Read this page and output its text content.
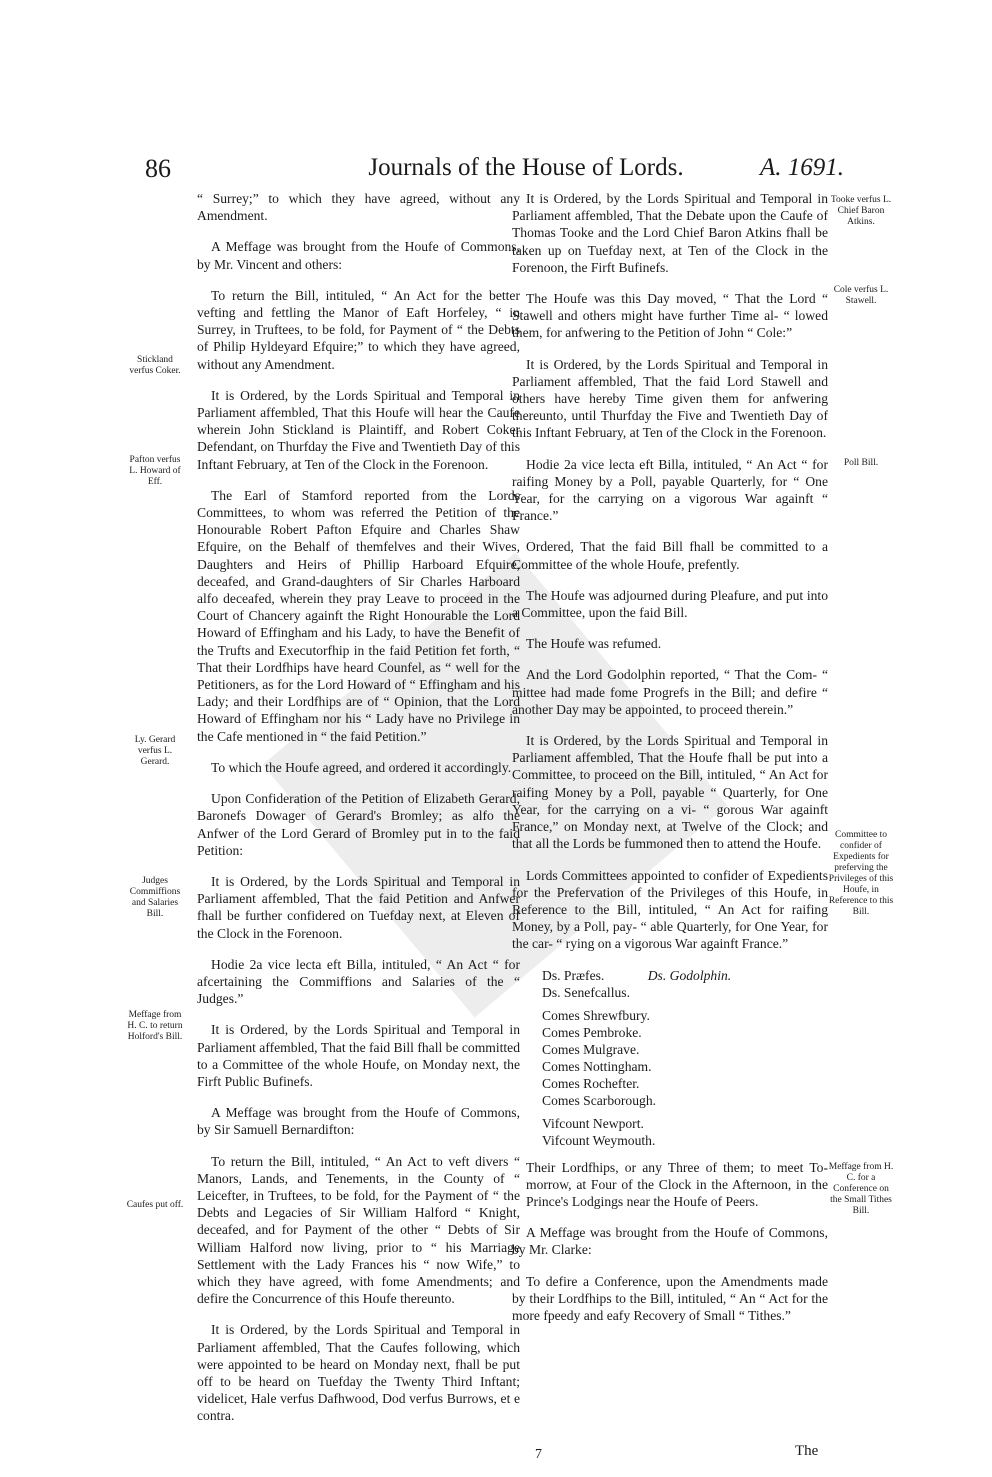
86	Journals of the House of Lords.	A. 1691.

“ Surrey;” to which they have agreed, without any Amendment.

A Meffage was brought from the Houfe of Commons, by Mr. Vincent and others:

To return the Bill, intituled, “ An Act for the better vefting and fettling the Manor of Eaft Horfeley, “ in Surrey, in Truftees, to be fold, for Payment of “ the Debts of Philip Hyldeyard Efquire;” to which they have agreed, without any Amendment.

It is Ordered, by the Lords Spiritual and Temporal in Parliament affembled, That this Houfe will hear the Caufe wherein John Stickland is Plaintiff, and Robert Coker Defendant, on Thurfday the Five and Twentieth Day of this Inftant February, at Ten of the Clock in the Forenoon.

The Earl of Stamford reported from the Lords Committees, to whom was referred the Petition of the Honourable Robert Pafton Efquire and Charles Shaw Efquire, on the Behalf of themfelves and their Wives, Daughters and Heirs of Phillip Harboard Efquire, deceafed, and Grand-daughters of Sir Charles Harboard alfo deceafed, wherein they pray Leave to proceed in the Court of Chancery againft the Right Honourable the Lord Howard of Effingham and his Lady, to have the Benefit of the Trufts and Executorfhip in the faid Petition fet forth, “ That their Lordfhips have heard Counfel, as “ well for the Petitioners, as for the Lord Howard of “ Effingham and his Lady; and their Lordfhips are of “ Opinion, that the Lord Howard of Effingham nor his “ Lady have no Privilege in the Cafe mentioned in “ the faid Petition.”

To which the Houfe agreed, and ordered it accordingly.

Upon Confideration of the Petition of Elizabeth Gerard, Baronefs Dowager of Gerard's Bromley; as alfo the Anfwer of the Lord Gerard of Bromley put in to the faid Petition:

It is Ordered, by the Lords Spiritual and Temporal in Parliament affembled, That the faid Petition and Anfwer fhall be further confidered on Tuefday next, at Eleven of the Clock in the Forenoon.

Hodie 2a vice lecta eft Billa, intituled, “ An Act “ for afcertaining the Commiffions and Salaries of the “ Judges.”

It is Ordered, by the Lords Spiritual and Temporal in Parliament affembled, That the faid Bill fhall be committed to a Committee of the whole Houfe, on Monday next, the Firft Public Bufinefs.

A Meffage was brought from the Houfe of Commons, by Sir Samuell Bernardifton:

To return the Bill, intituled, “ An Act to veft divers “ Manors, Lands, and Tenements, in the County of “ Leicefter, in Truftees, to be fold, for the Payment of “ the Debts and Legacies of Sir William Halford “ Knight, deceafed, and for Payment of the other “ Debts of Sir William Halford now living, prior to “ his Marriage Settlement with the Lady Frances his “ now Wife,” to which they have agreed, with fome Amendments; and defire the Concurrence of this Houfe thereunto.

It is Ordered, by the Lords Spiritual and Temporal in Parliament affembled, That the Caufes following, which were appointed to be heard on Monday next, fhall be put off to be heard on Tuefday the Twenty Third Inftant; videlicet, Hale verfus Dafhwood, Dod verfus Burrows, et e contra.

Stickland verfus Coker.
Pafton verfus L. Howard of Eff.
Ly. Gerard verfus L. Gerard.
Judges Commiffions and Salaries Bill.
Meffage from H. C. to return Holford's Bill.
Caufes put off.

It is Ordered, by the Lords Spiritual and Temporal in Parliament affembled, That the Debate upon the Caufe of Thomas Tooke and the Lord Chief Baron Atkins fhall be taken up on Tuefday next, at Ten of the Clock in the Forenoon, the Firft Bufinefs.

The Houfe was this Day moved, “ That the Lord “ Stawell and others might have further Time al- “ lowed them, for anfwering to the Petition of John “ Cole:”

It is Ordered, by the Lords Spiritual and Temporal in Parliament affembled, That the faid Lord Stawell and others have hereby Time given them for anfwering thereunto, until Thurfday the Five and Twentieth Day of this Inftant February, at Ten of the Clock in the Forenoon.

Hodie 2a vice lecta eft Billa, intituled, “ An Act “ for raifing Money by a Poll, payable Quarterly, for “ One Year, for the carrying on a vigorous War againft “ France.”

Ordered, That the faid Bill fhall be committed to a Committee of the whole Houfe, prefently.

The Houfe was adjourned during Pleafure, and put into a Committee, upon the faid Bill.

The Houfe was refumed.

And the Lord Godolphin reported, “ That the Com- “ mittee had made fome Progrefs in the Bill; and defire “ another Day may be appointed, to proceed therein.”

It is Ordered, by the Lords Spiritual and Temporal in Parliament affembled, That the Houfe fhall be put into a Committee, to proceed on the Bill, intituled, “ An Act for raifing Money by a Poll, payable “ Quarterly, for One Year, for the carrying on a vi- “ gorous War againft France,” on Monday next, at Twelve of the Clock; and that all the Lords be fummoned then to attend the Houfe.

Lords Committees appointed to confider of Expedients for the Prefervation of the Privileges of this Houfe, in Reference to the Bill, intituled, “ An Act for raifing Money, by a Poll, pay- “ able Quarterly, for One Year, for the car- “ rying on a vigorous War againft France.”

Ds. Præfes.	Ds. Godolphin.
Ds. Senefcallus.
Comes Shrewfbury.
Comes Pembroke.
Comes Mulgrave.
Comes Nottingham.
Comes Rochefter.
Comes Scarborough.
Vifcount Newport.
Vifcount Weymouth.

Their Lordfhips, or any Three of them; to meet To-morrow, at Four of the Clock in the Afternoon, in the Prince's Lodgings near the Houfe of Peers.

A Meffage was brought from the Houfe of Commons, by Mr. Clarke:

To defire a Conference, upon the Amendments made by their Lordfhips to the Bill, intituled, “ An “ Act for the more fpeedy and eafy Recovery of Small “ Tithes.”

Tooke verfus L. Chief Baron Atkins.
Cole verfus L. Stawell.
Poll Bill.
Committee to confider of Expedients for preferving the Privileges of this Houfe, in Reference to this Bill.
Meffage from H. C. for a Conference on the Small Tithes Bill.
7	The
